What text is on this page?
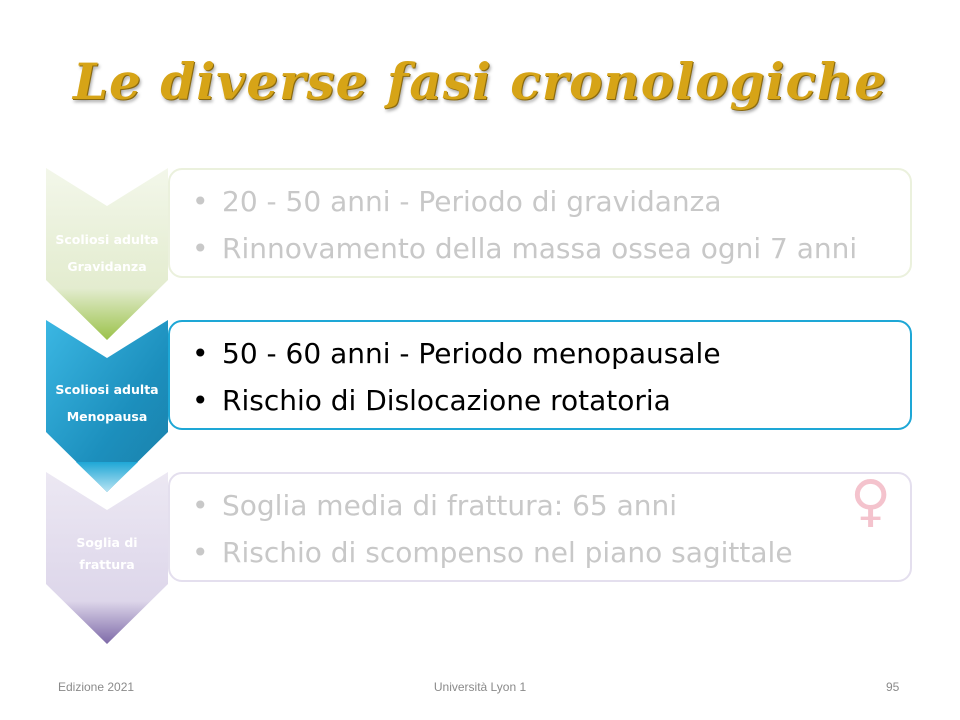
Le diverse fasi cronologiche
Scoliosi adulta
Gravidanza
• 20 - 50 anni - Periodo di gravidanza
• Rinnovamento della massa ossea ogni 7 anni
Scoliosi adulta
Menopausa
• 50 - 60 anni - Periodo menopausale
• Rischio di Dislocazione rotatoria
Soglia di
frattura
• Soglia media di frattura: 65 anni
• Rischio di scompenso nel piano sagittale
♀
Edizione 2021	Università Lyon 1	95
